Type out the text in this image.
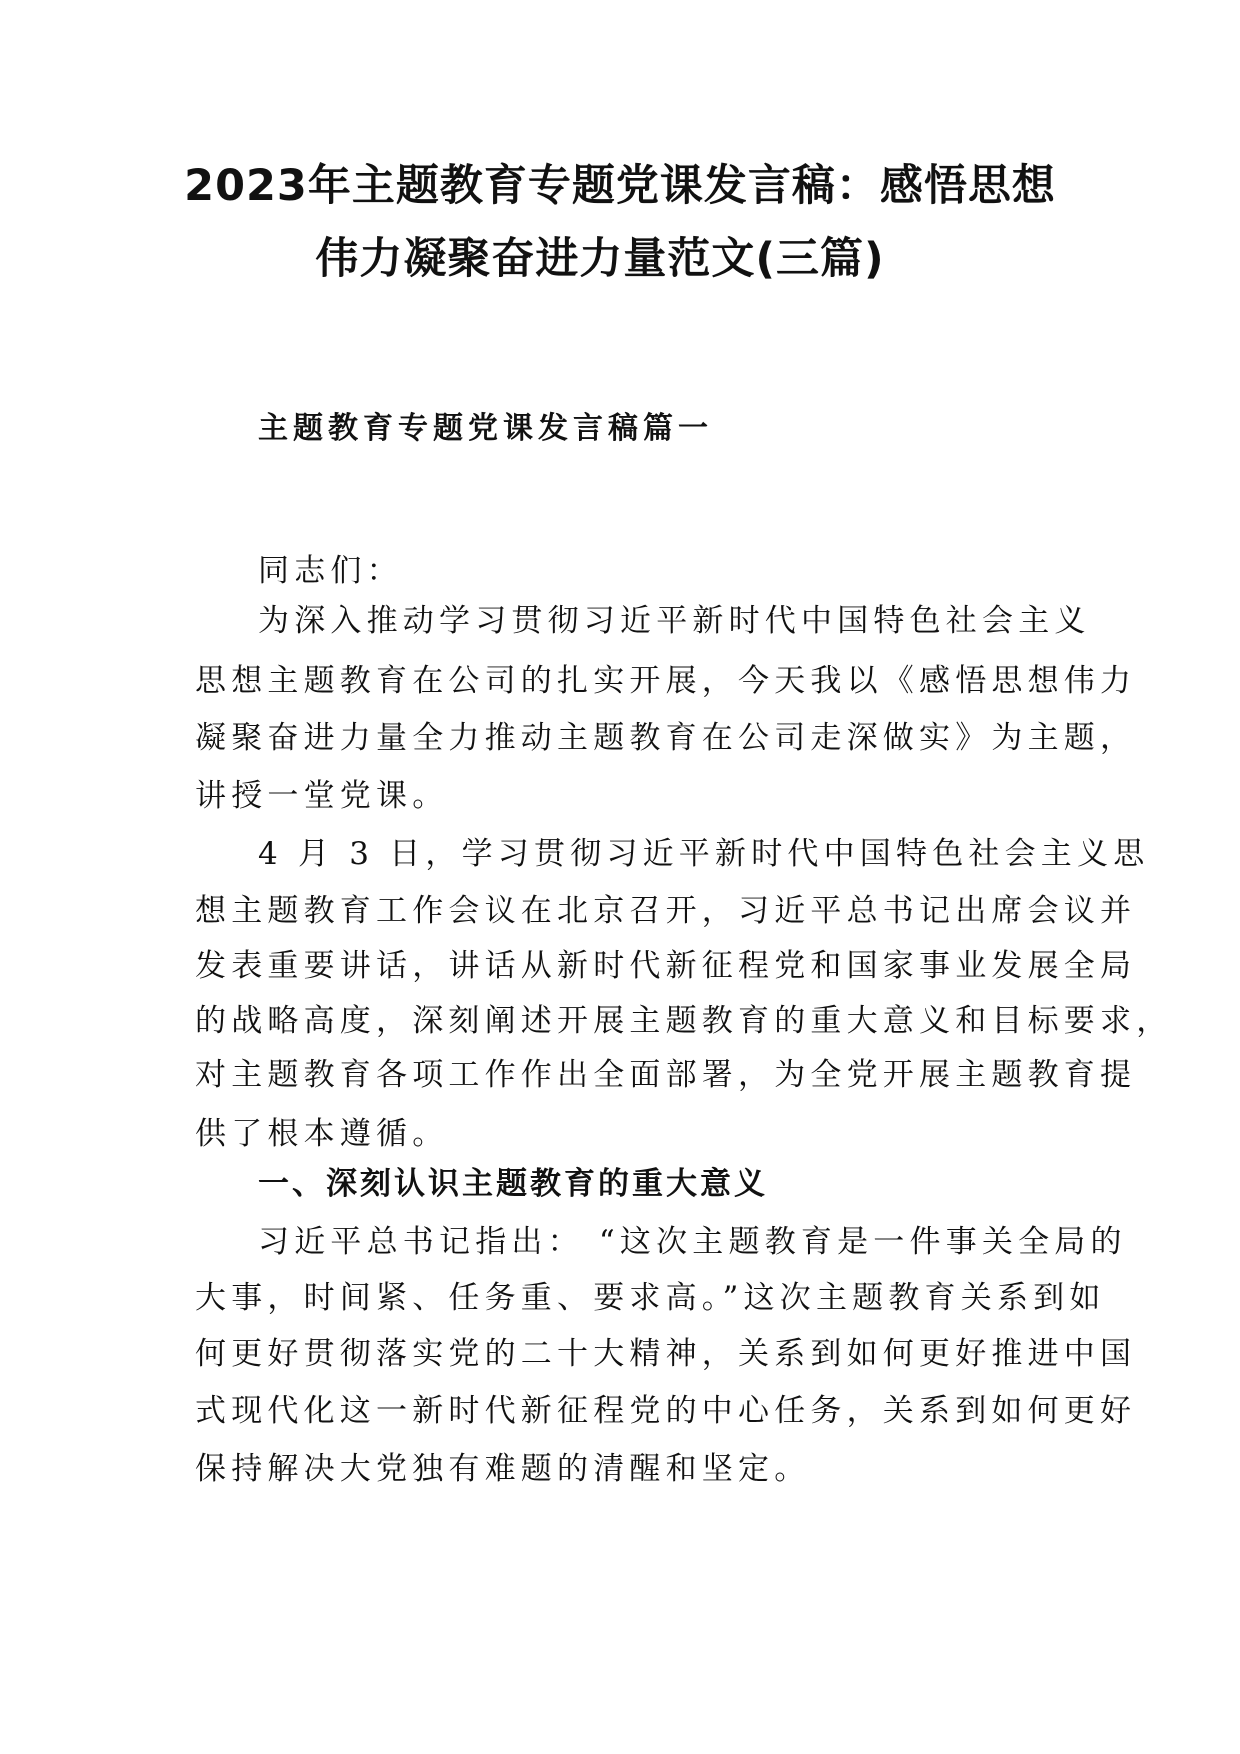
2023年主题教育专题党课发言稿：感悟思想
伟力凝聚奋进力量范文(三篇)
主题教育专题党课发言稿篇一

同志们：

为深入推动学习贯彻习近平新时代中国特色社会主义

思想主题教育在公司的扎实开展，今天我以《感悟思想伟力

凝聚奋进力量全力推动主题教育在公司走深做实》为主题，

讲授一堂党课。

4 月 3 日，学习贯彻习近平新时代中国特色社会主义思

想主题教育工作会议在北京召开，习近平总书记出席会议并

发表重要讲话，讲话从新时代新征程党和国家事业发展全局

的战略高度，深刻阐述开展主题教育的重大意义和目标要求，

对主题教育各项工作作出全面部署，为全党开展主题教育提

供了根本遵循。

一、深刻认识主题教育的重大意义

习近平总书记指出： “这次主题教育是一件事关全局的

大事，时间紧、任务重、要求高。”这次主题教育关系到如

何更好贯彻落实党的二十大精神，关系到如何更好推进中国

式现代化这一新时代新征程党的中心任务，关系到如何更好

保持解决大党独有难题的清醒和坚定。
